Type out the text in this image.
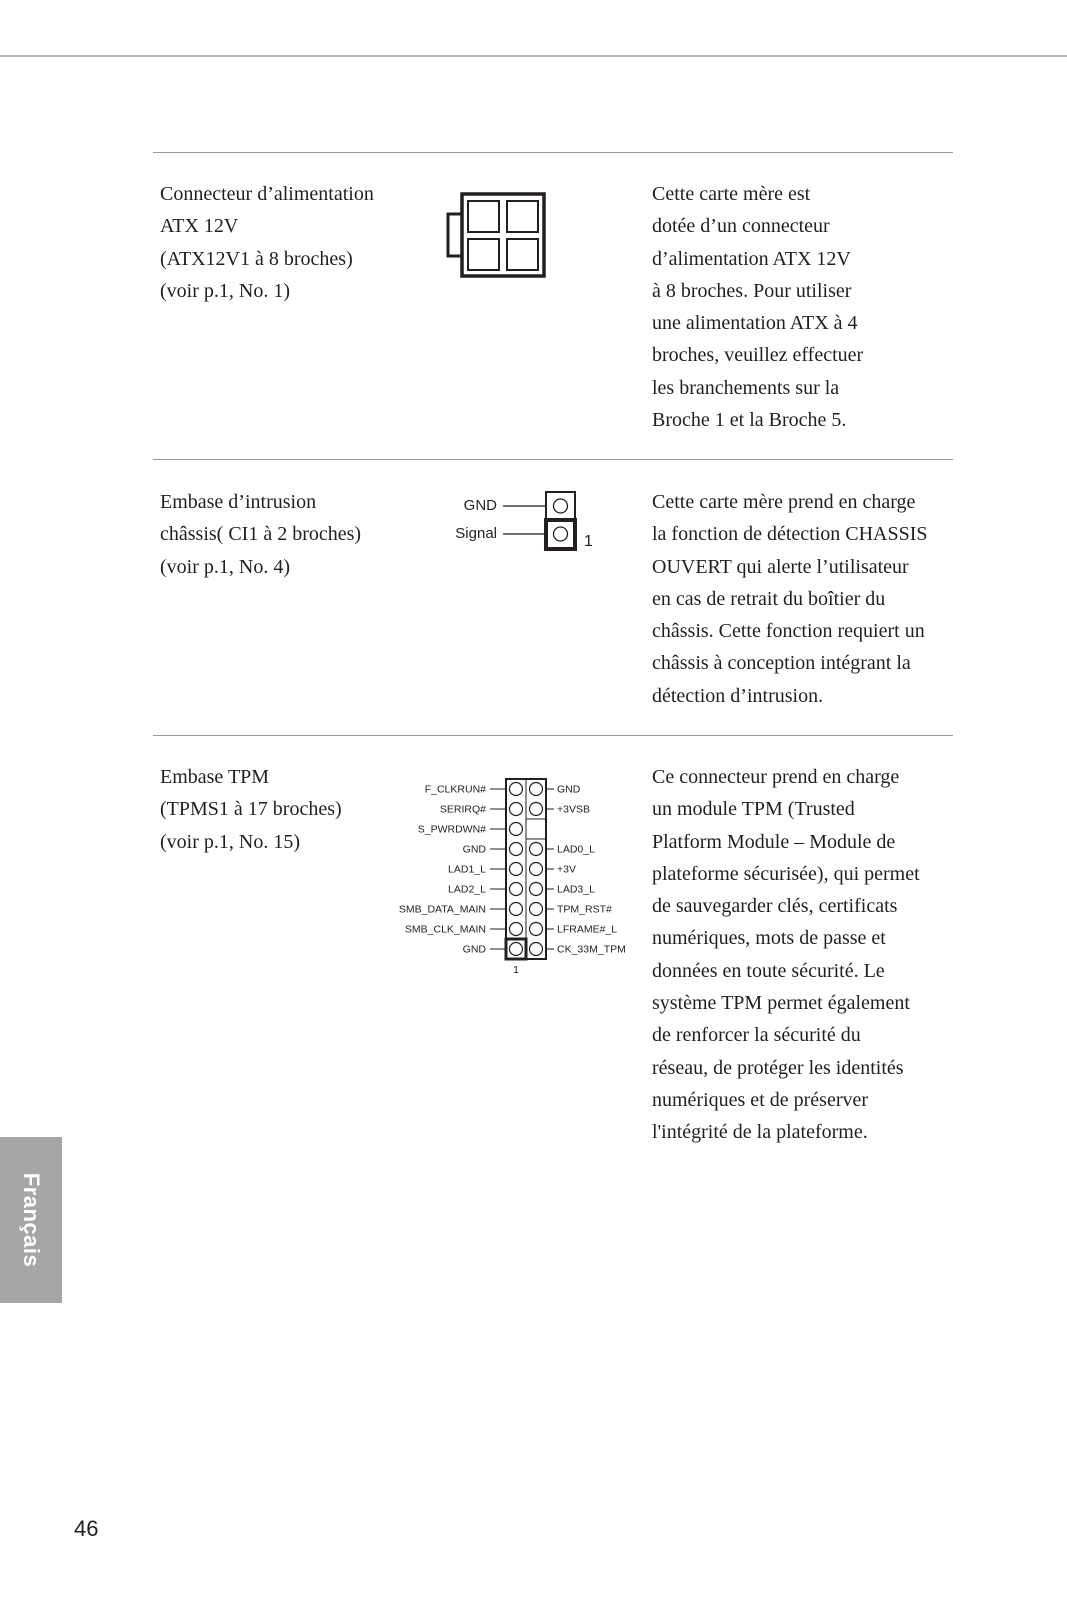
Connecteur d’alimentation
ATX 12V
(ATX12V1 à 8 broches)
(voir p.1, No. 1)
Cette carte mère est
dotée d’un connecteur
d’alimentation ATX 12V
à 8 broches. Pour utiliser
une alimentation ATX à 4
broches, veuillez effectuer
les branchements sur la
Broche 1 et la Broche 5.
Embase d’intrusion
châssis( CI1 à 2 broches)
(voir p.1, No. 4)
GND
Signal	1
Cette carte mère prend en charge
la fonction de détection CHASSIS
OUVERT qui alerte l’utilisateur
en cas de retrait du boîtier du
châssis. Cette fonction requiert un
châssis à conception intégrant la
détection d’intrusion.
Embase TPM
(TPMS1 à 17 broches)
(voir p.1, No. 15)
F_CLKRUN#
SERIRQ#
S_PWRDWN#
GND
LAD1_L
LAD2_L
SMB_DATA_MAIN
SMB_CLK_MAIN
GND
GND
+3VSB
LAD0_L
+3V
LAD3_L
TPM_RST#
LFRAME#_L
CK_33M_TPM
1
Ce connecteur prend en charge
un module TPM (Trusted
Platform Module – Module de
plateforme sécurisée), qui permet
de sauvegarder clés, certificats
numériques, mots de passe et
données en toute sécurité. Le
système TPM permet également
de renforcer la sécurité du
réseau, de protéger les identités
numériques et de préserver
l'intégrité de la plateforme.
Français
46
